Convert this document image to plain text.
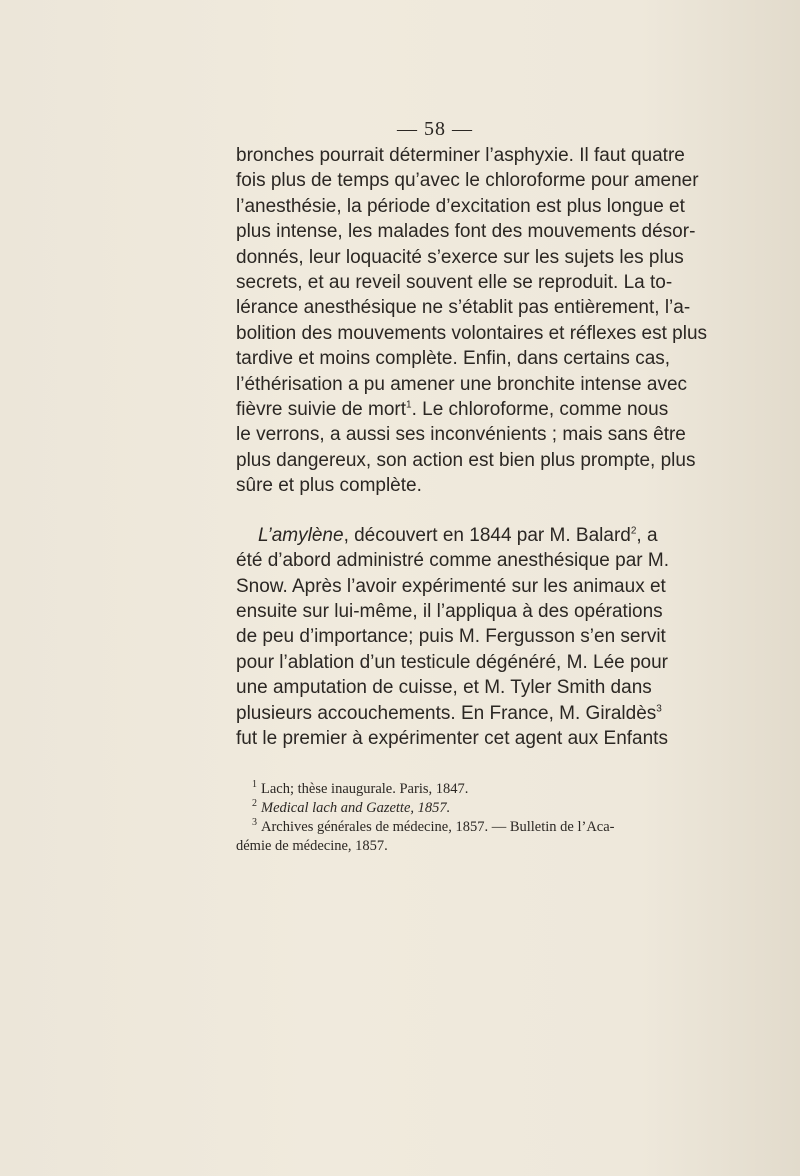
— 58 —
bronches pourrait déterminer l’asphyxie. Il faut quatre
fois plus de temps qu’avec le chloroforme pour amener
l’anesthésie, la période d’excitation est plus longue et
plus intense, les malades font des mouvements désor-
donnés, leur loquacité s’exerce sur les sujets les plus
secrets, et au reveil souvent elle se reproduit. La to-
lérance anesthésique ne s’établit pas entièrement, l’a-
bolition des mouvements volontaires et réflexes est plus
tardive et moins complète. Enfin, dans certains cas,
l’éthérisation a pu amener une bronchite intense avec
fièvre suivie de mort$^1$. Le chloroforme, comme nous
le verrons, a aussi ses inconvénients ; mais sans être
plus dangereux, son action est bien plus prompte, plus
sûre et plus complète.
L’amylène, découvert en 1844 par M. Balard$^2$, a
été d’abord administré comme anesthésique par M.
Snow. Après l’avoir expérimenté sur les animaux et
ensuite sur lui-même, il l’appliqua à des opérations
de peu d’importance; puis M. Fergusson s’en servit
pour l’ablation d’un testicule dégénéré, M. Lée pour
une amputation de cuisse, et M. Tyler Smith dans
plusieurs accouchements. En France, M. Giraldès$^3$
fut le premier à expérimenter cet agent aux Enfants
$^1$ Lach; thèse inaugurale. Paris, 1847.
$^2$ Medical lach and Gazette, 1857.
$^3$ Archives générales de médecine, 1857. — Bulletin de l’Aca-
démie de médecine, 1857.
